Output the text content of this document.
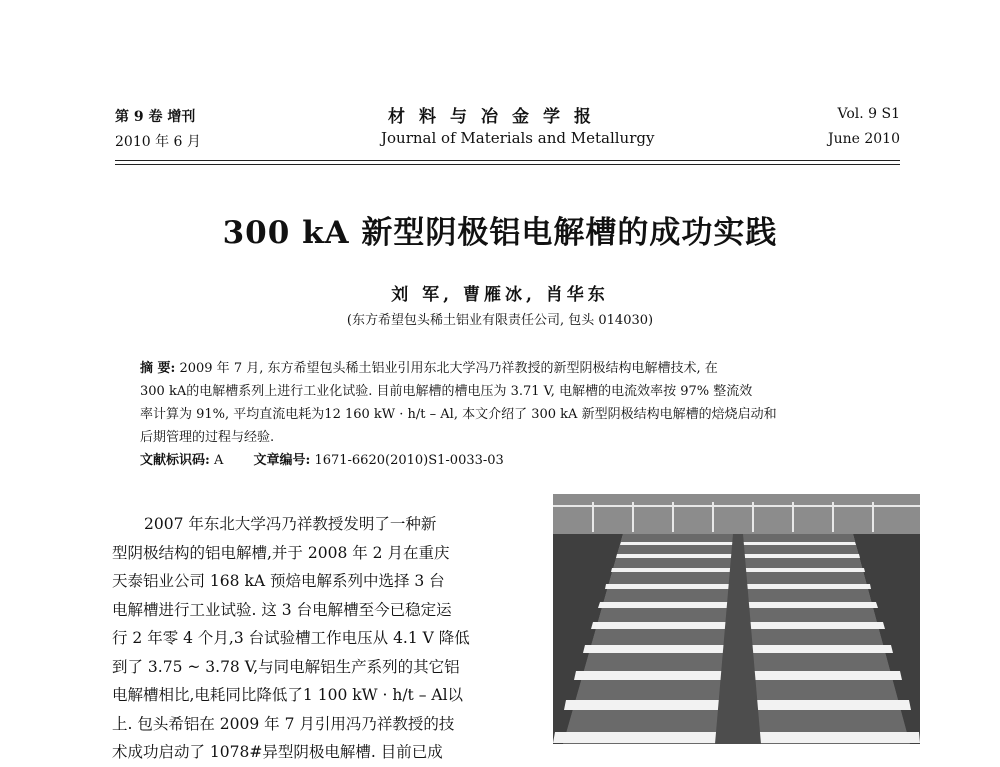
第 9 卷 增刊
2010 年 6 月
材料与冶金学报
Journal of Materials and Metallurgy
Vol. 9 S1
June 2010
300 kA 新型阴极铝电解槽的成功实践
刘 军, 曹雁冰, 肖华东
(东方希望包头稀土铝业有限责任公司, 包头 014030)

摘 要: 2009 年 7 月, 东方希望包头稀土铝业引用东北大学冯乃祥教授的新型阴极结构电解槽技术, 在

300 kA的电解槽系列上进行工业化试验. 目前电解槽的槽电压为 3.71 V, 电解槽的电流效率按 97% 整流效

率计算为 91%, 平均直流电耗为12 160 kW · h/t – Al, 本文介绍了 300 kA 新型阴极结构电解槽的焙烧启动和

后期管理的过程与经验.

文献标识码: A 文章编号: 1671-6620(2010)S1-0033-03

2007 年东北大学冯乃祥教授发明了一种新

型阴极结构的铝电解槽,并于 2008 年 2 月在重庆

天泰铝业公司 168 kA 预焙电解系列中选择 3 台

电解槽进行工业试验. 这 3 台电解槽至今已稳定运

行 2 年零 4 个月,3 台试验槽工作电压从 4.1 V 降低

到了 3.75 ~ 3.78 V,与同电解铝生产系列的其它铝

电解槽相比,电耗同比降低了1 100 kW · h/t – Al以

上. 包头希铝在 2009 年 7 月引用冯乃祥教授的技

术成功启动了 1078#异型阴极电解槽. 目前已成
